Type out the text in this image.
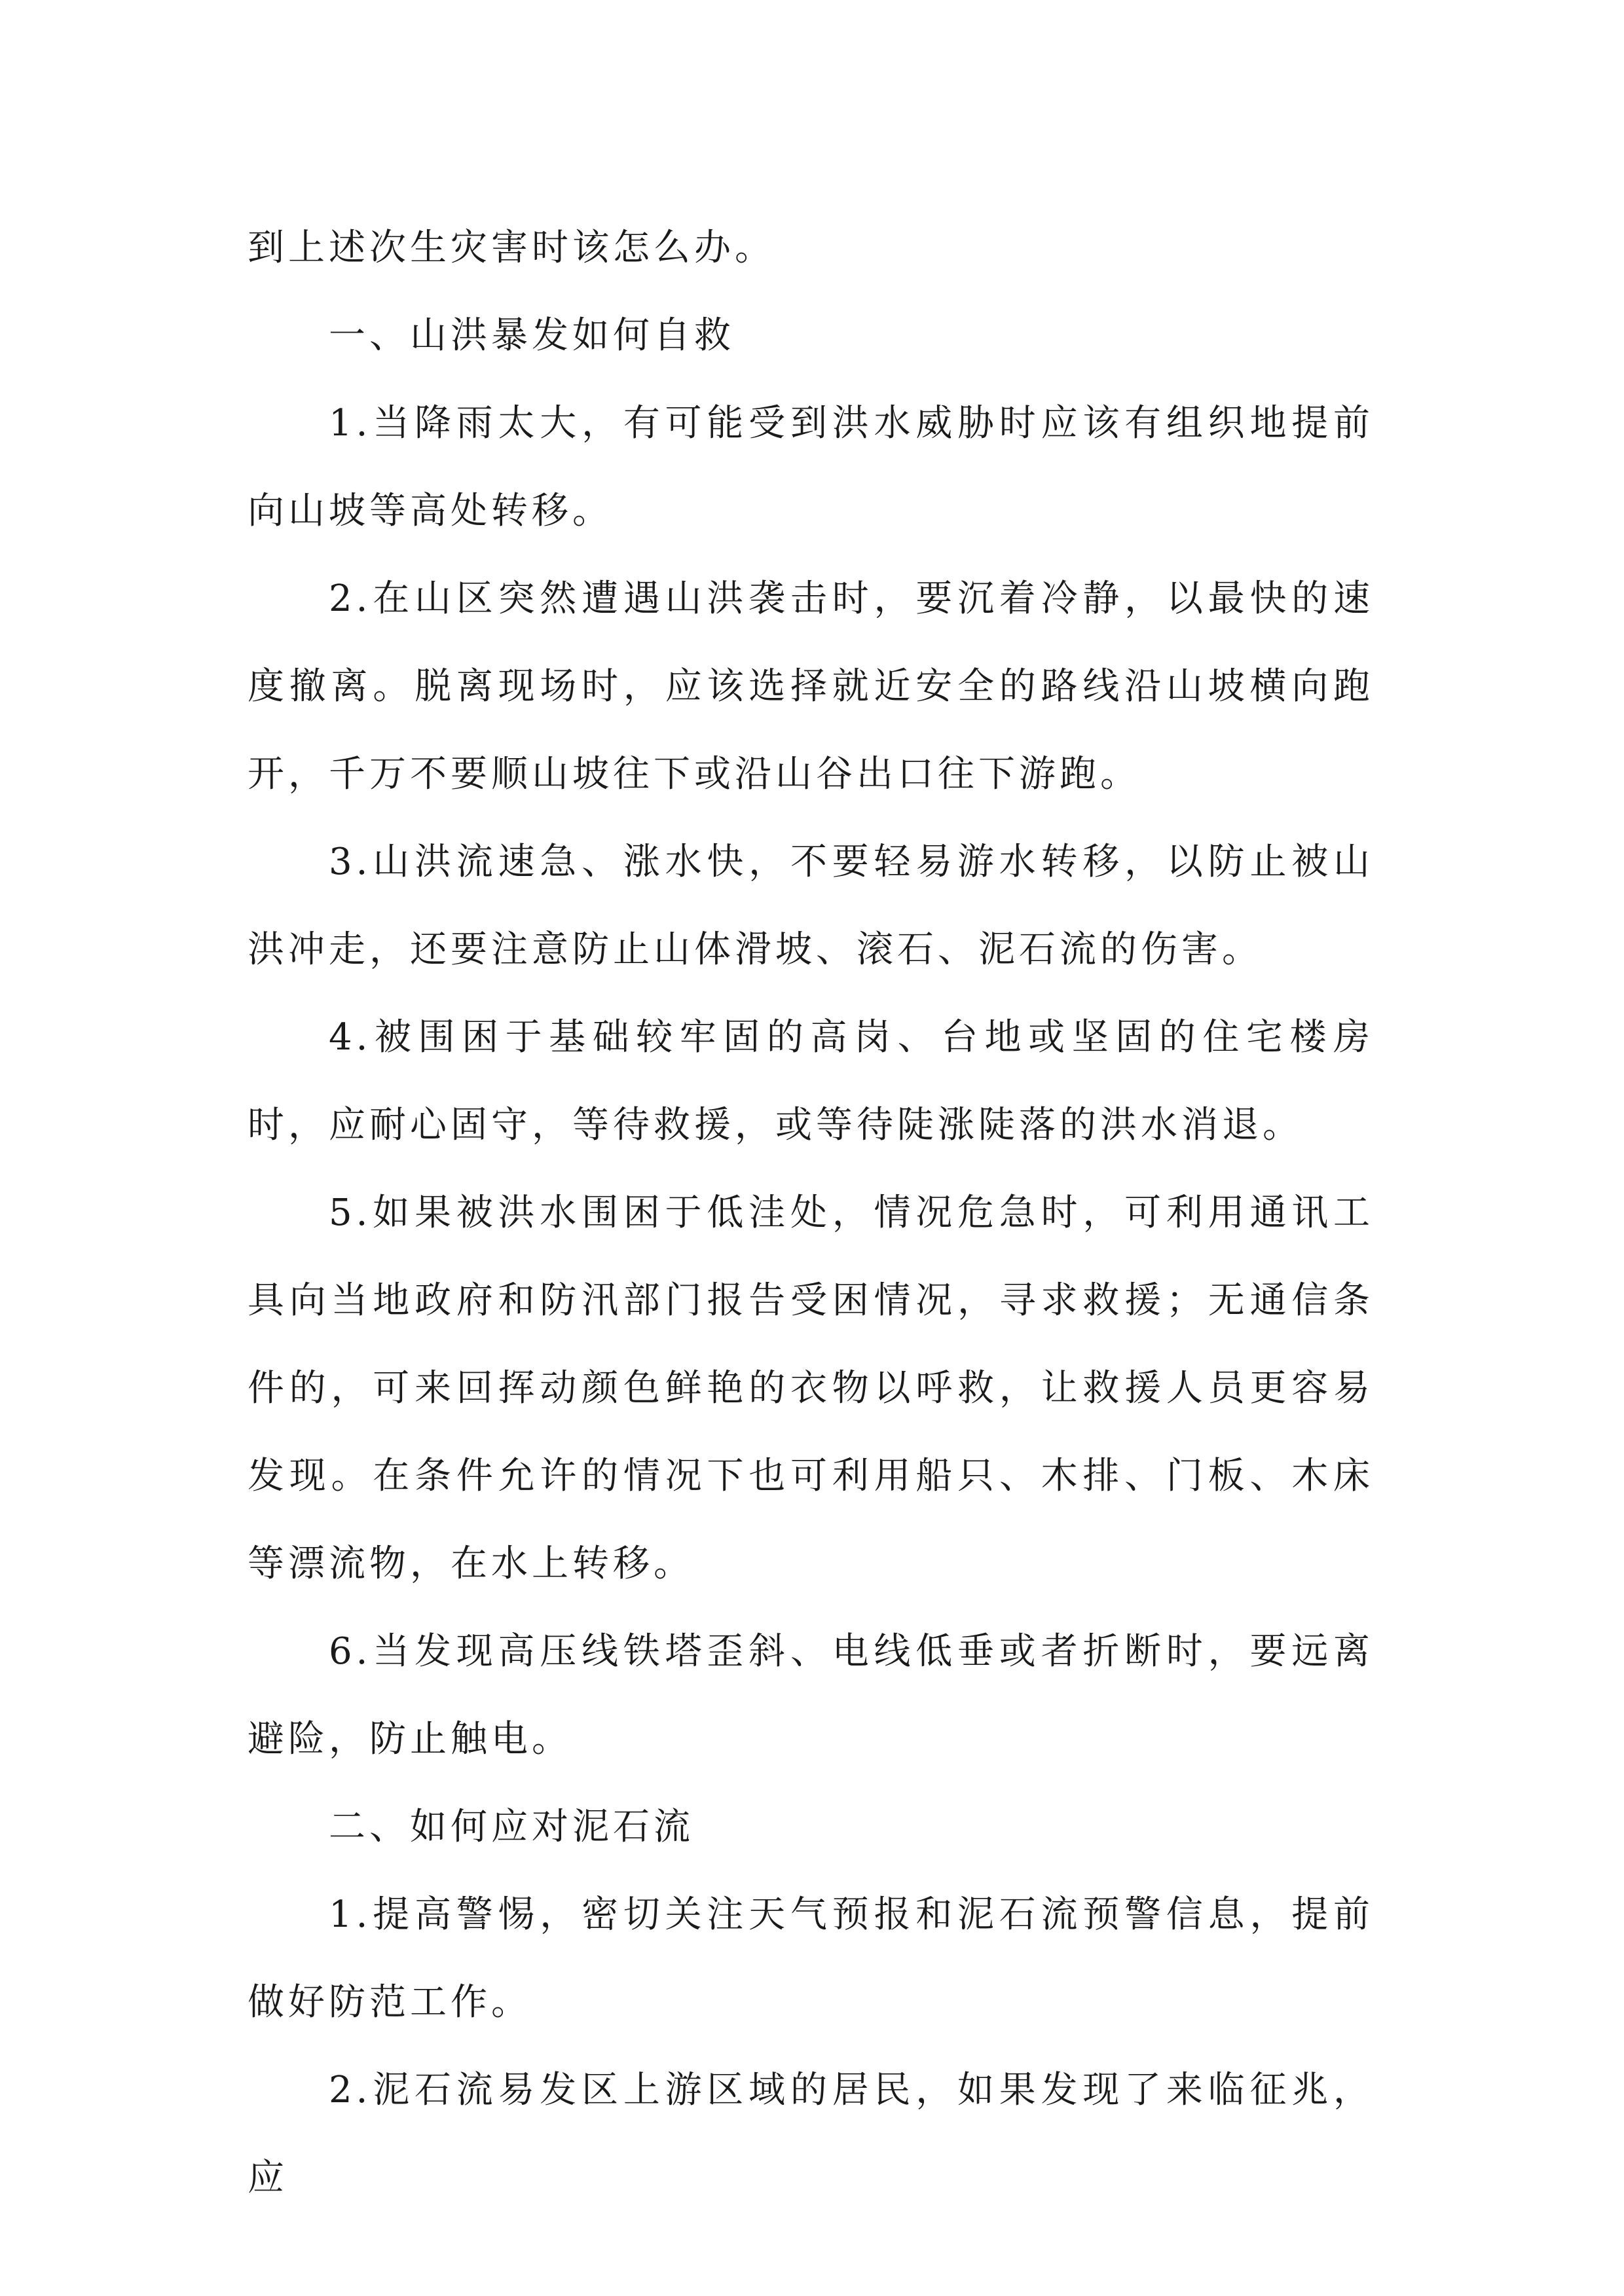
到上述次生灾害时该怎么办。

一、山洪暴发如何自救

1.当降雨太大，有可能受到洪水威胁时应该有组织地提前向山坡等高处转移。

2.在山区突然遭遇山洪袭击时，要沉着冷静，以最快的速度撤离。脱离现场时，应该选择就近安全的路线沿山坡横向跑开，千万不要顺山坡往下或沿山谷出口往下游跑。

3.山洪流速急、涨水快，不要轻易游水转移，以防止被山洪冲走，还要注意防止山体滑坡、滚石、泥石流的伤害。

4.被围困于基础较牢固的高岗、台地或坚固的住宅楼房时，应耐心固守，等待救援，或等待陡涨陡落的洪水消退。

5.如果被洪水围困于低洼处，情况危急时，可利用通讯工具向当地政府和防汛部门报告受困情况，寻求救援；无通信条件的，可来回挥动颜色鲜艳的衣物以呼救，让救援人员更容易发现。在条件允许的情况下也可利用船只、木排、门板、木床等漂流物，在水上转移。

6.当发现高压线铁塔歪斜、电线低垂或者折断时，要远离避险，防止触电。

二、如何应对泥石流

1.提高警惕，密切关注天气预报和泥石流预警信息，提前做好防范工作。

2.泥石流易发区上游区域的居民，如果发现了来临征兆，应
